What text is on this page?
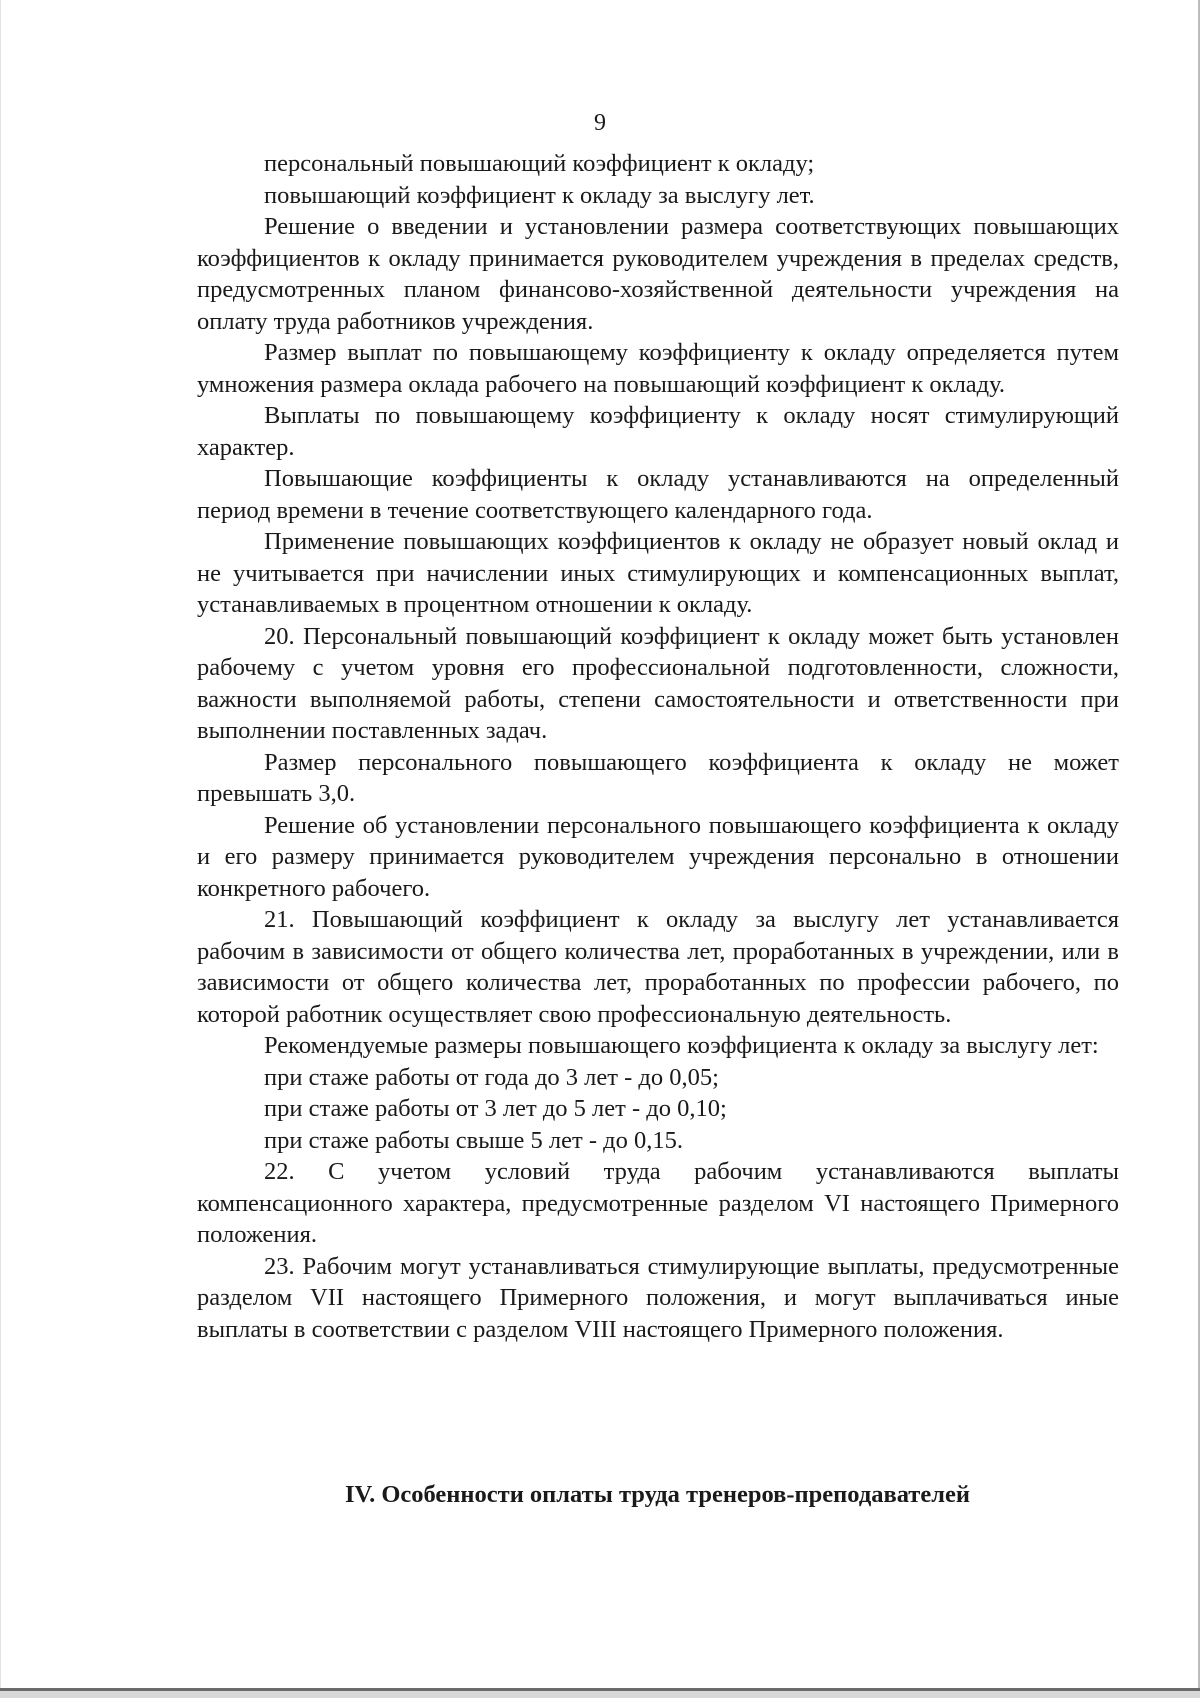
9

персональный повышающий коэффициент к окладу;

повышающий коэффициент к окладу за выслугу лет.

Решение о введении и установлении размера соответствующих повышающих коэффициентов к окладу принимается руководителем учреждения в пределах средств, предусмотренных планом финансово-хозяйственной деятельности учреждения на оплату труда работников учреждения.

Размер выплат по повышающему коэффициенту к окладу определяется путем умножения размера оклада рабочего на повышающий коэффициент к окладу.

Выплаты по повышающему коэффициенту к окладу носят стимулирующий характер.

Повышающие коэффициенты к окладу устанавливаются на определенный период времени в течение соответствующего календарного года.

Применение повышающих коэффициентов к окладу не образует новый оклад и не учитывается при начислении иных стимулирующих и компенсационных выплат, устанавливаемых в процентном отношении к окладу.

20. Персональный повышающий коэффициент к окладу может быть установлен рабочему с учетом уровня его профессиональной подготовленности, сложности, важности выполняемой работы, степени самостоятельности и ответственности при выполнении поставленных задач.

Размер персонального повышающего коэффициента к окладу не может превышать 3,0.

Решение об установлении персонального повышающего коэффициента к окладу и его размеру принимается руководителем учреждения персонально в отношении конкретного рабочего.

21. Повышающий коэффициент к окладу за выслугу лет устанавливается рабочим в зависимости от общего количества лет, проработанных в учреждении, или в зависимости от общего количества лет, проработанных по профессии рабочего, по которой работник осуществляет свою профессиональную деятельность.

Рекомендуемые размеры повышающего коэффициента к окладу за выслугу лет:

при стаже работы от года до 3 лет - до 0,05;

при стаже работы от 3 лет до 5 лет - до 0,10;

при стаже работы свыше 5 лет - до 0,15.

22. С учетом условий труда рабочим устанавливаются выплаты компенсационного характера, предусмотренные разделом VI настоящего Примерного положения.

23. Рабочим могут устанавливаться стимулирующие выплаты, предусмотренные разделом VII настоящего Примерного положения, и могут выплачиваться иные выплаты в соответствии с разделом VIII настоящего Примерного положения.

IV. Особенности оплаты труда тренеров-преподавателей
